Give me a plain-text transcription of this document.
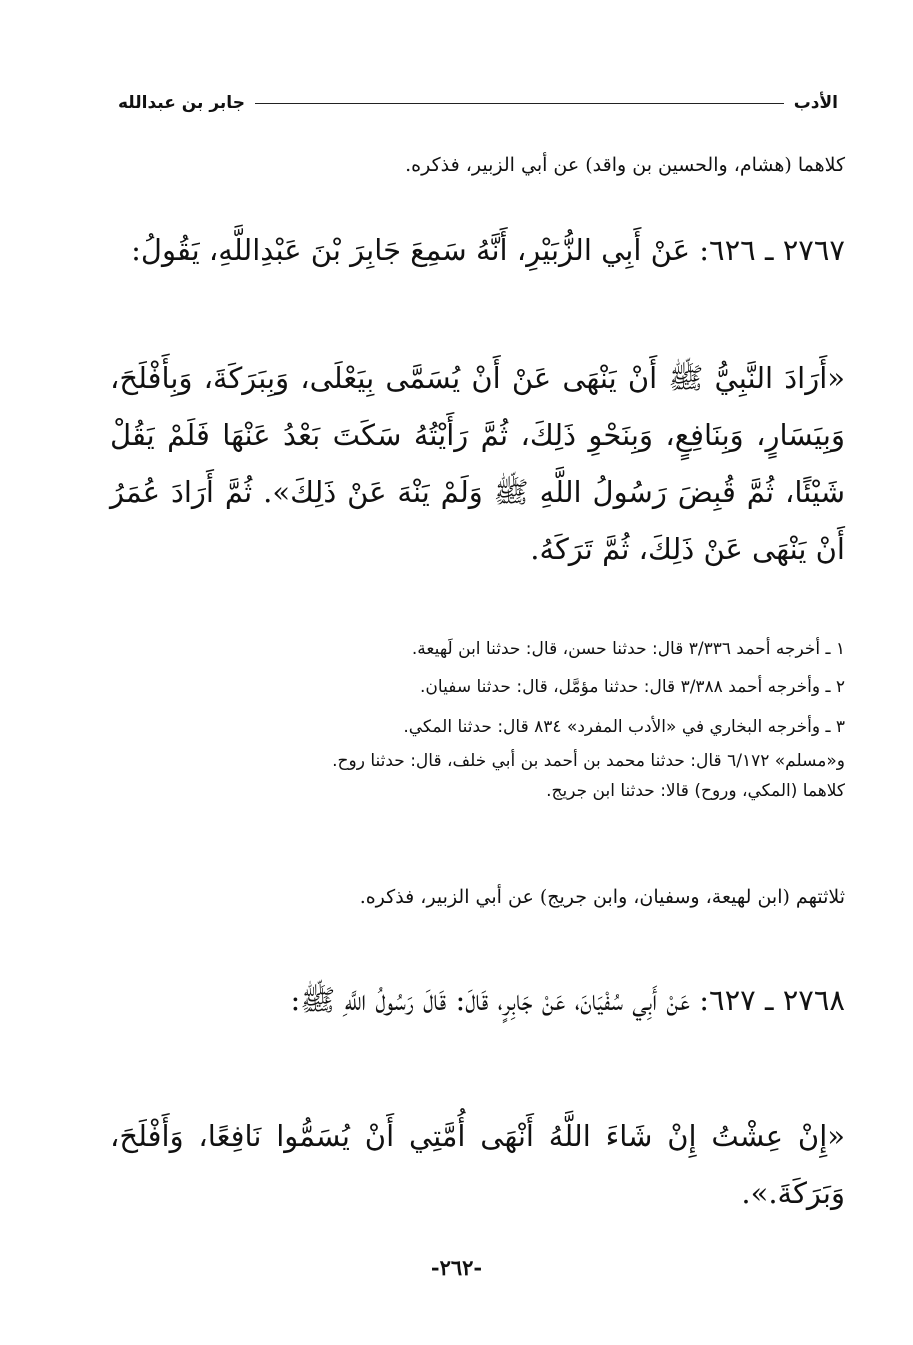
الأدب
جابر بن عبدالله

كلاهما (هشام، والحسين بن واقد) عن أبي الزبير، فذكره.

٢٧٦٧ ـ ٦٢٦: عَنْ أَبِي الزُّبَيْرِ، أَنَّهُ سَمِعَ جَابِرَ بْنَ عَبْدِاللَّهِ، يَقُولُ:

«أَرَادَ النَّبِيُّ ﷺ أَنْ يَنْهَى عَنْ أَنْ يُسَمَّى بِيَعْلَى، وَبِبَرَكَةَ، وَبِأَفْلَحَ، وَبِيَسَارٍ، وَبِنَافِعٍ، وَبِنَحْوِ ذَلِكَ، ثُمَّ رَأَيْتُهُ سَكَتَ بَعْدُ عَنْهَا فَلَمْ يَقُلْ شَيْئًا، ثُمَّ قُبِضَ رَسُولُ اللَّهِ ﷺ وَلَمْ يَنْهَ عَنْ ذَلِكَ». ثُمَّ أَرَادَ عُمَرُ أَنْ يَنْهَى عَنْ ذَلِكَ، ثُمَّ تَرَكَهُ.

١ ـ أخرجه أحمد ٣/٣٣٦ قال: حدثنا حسن، قال: حدثنا ابن لَهيعة.

٢ ـ وأخرجه أحمد ٣/٣٨٨ قال: حدثنا مؤمَّل، قال: حدثنا سفيان.

٣ ـ وأخرجه البخاري في «الأدب المفرد» ٨٣٤ قال: حدثنا المكي.

و«مسلم» ٦/١٧٢ قال: حدثنا محمد بن أحمد بن أبي خلف، قال: حدثنا روح.

كلاهما (المكي، وروح) قالا: حدثنا ابن جريج.

ثلاثتهم (ابن لهيعة، وسفيان، وابن جريج) عن أبي الزبير، فذكره.

٢٧٦٨ ـ ٦٢٧: عَنْ أَبِي سُفْيَانَ، عَنْ جَابِرٍ، قَالَ: قَالَ رَسُولُ اللَّهِ ﷺ:

«إِنْ عِشْتُ إِنْ شَاءَ اللَّهُ أَنْهَى أُمَّتِي أَنْ يُسَمُّوا نَافِعًا، وَأَفْلَحَ، وَبَرَكَةَ.».

-٢٦٢-
